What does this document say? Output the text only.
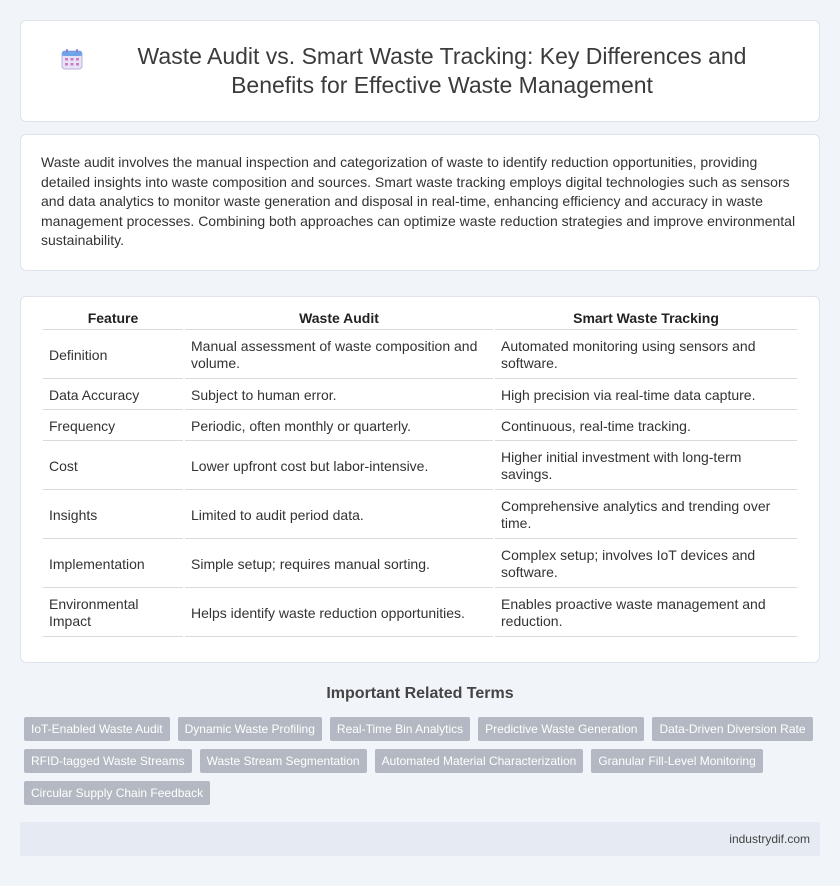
Waste Audit vs. Smart Waste Tracking: Key Differences and Benefits for Effective Waste Management

Waste audit involves the manual inspection and categorization of waste to identify reduction opportunities, providing detailed insights into waste composition and sources. Smart waste tracking employs digital technologies such as sensors and data analytics to monitor waste generation and disposal in real-time, enhancing efficiency and accuracy in waste management processes. Combining both approaches can optimize waste reduction strategies and improve environmental sustainability.

Feature	Waste Audit	Smart Waste Tracking
Definition	Manual assessment of waste composition and volume.	Automated monitoring using sensors and software.
Data Accuracy	Subject to human error.	High precision via real-time data capture.
Frequency	Periodic, often monthly or quarterly.	Continuous, real-time tracking.
Cost	Lower upfront cost but labor-intensive.	Higher initial investment with long-term savings.
Insights	Limited to audit period data.	Comprehensive analytics and trending over time.
Implementation	Simple setup; requires manual sorting.	Complex setup; involves IoT devices and software.
Environmental Impact	Helps identify waste reduction opportunities.	Enables proactive waste management and reduction.
Important Related Terms
IoT-Enabled Waste Audit	Dynamic Waste Profiling	Real-Time Bin Analytics	Predictive Waste Generation	Data-Driven Diversion Rate
RFID-tagged Waste Streams	Waste Stream Segmentation	Automated Material Characterization	Granular Fill-Level Monitoring
Circular Supply Chain Feedback
industrydif.com
